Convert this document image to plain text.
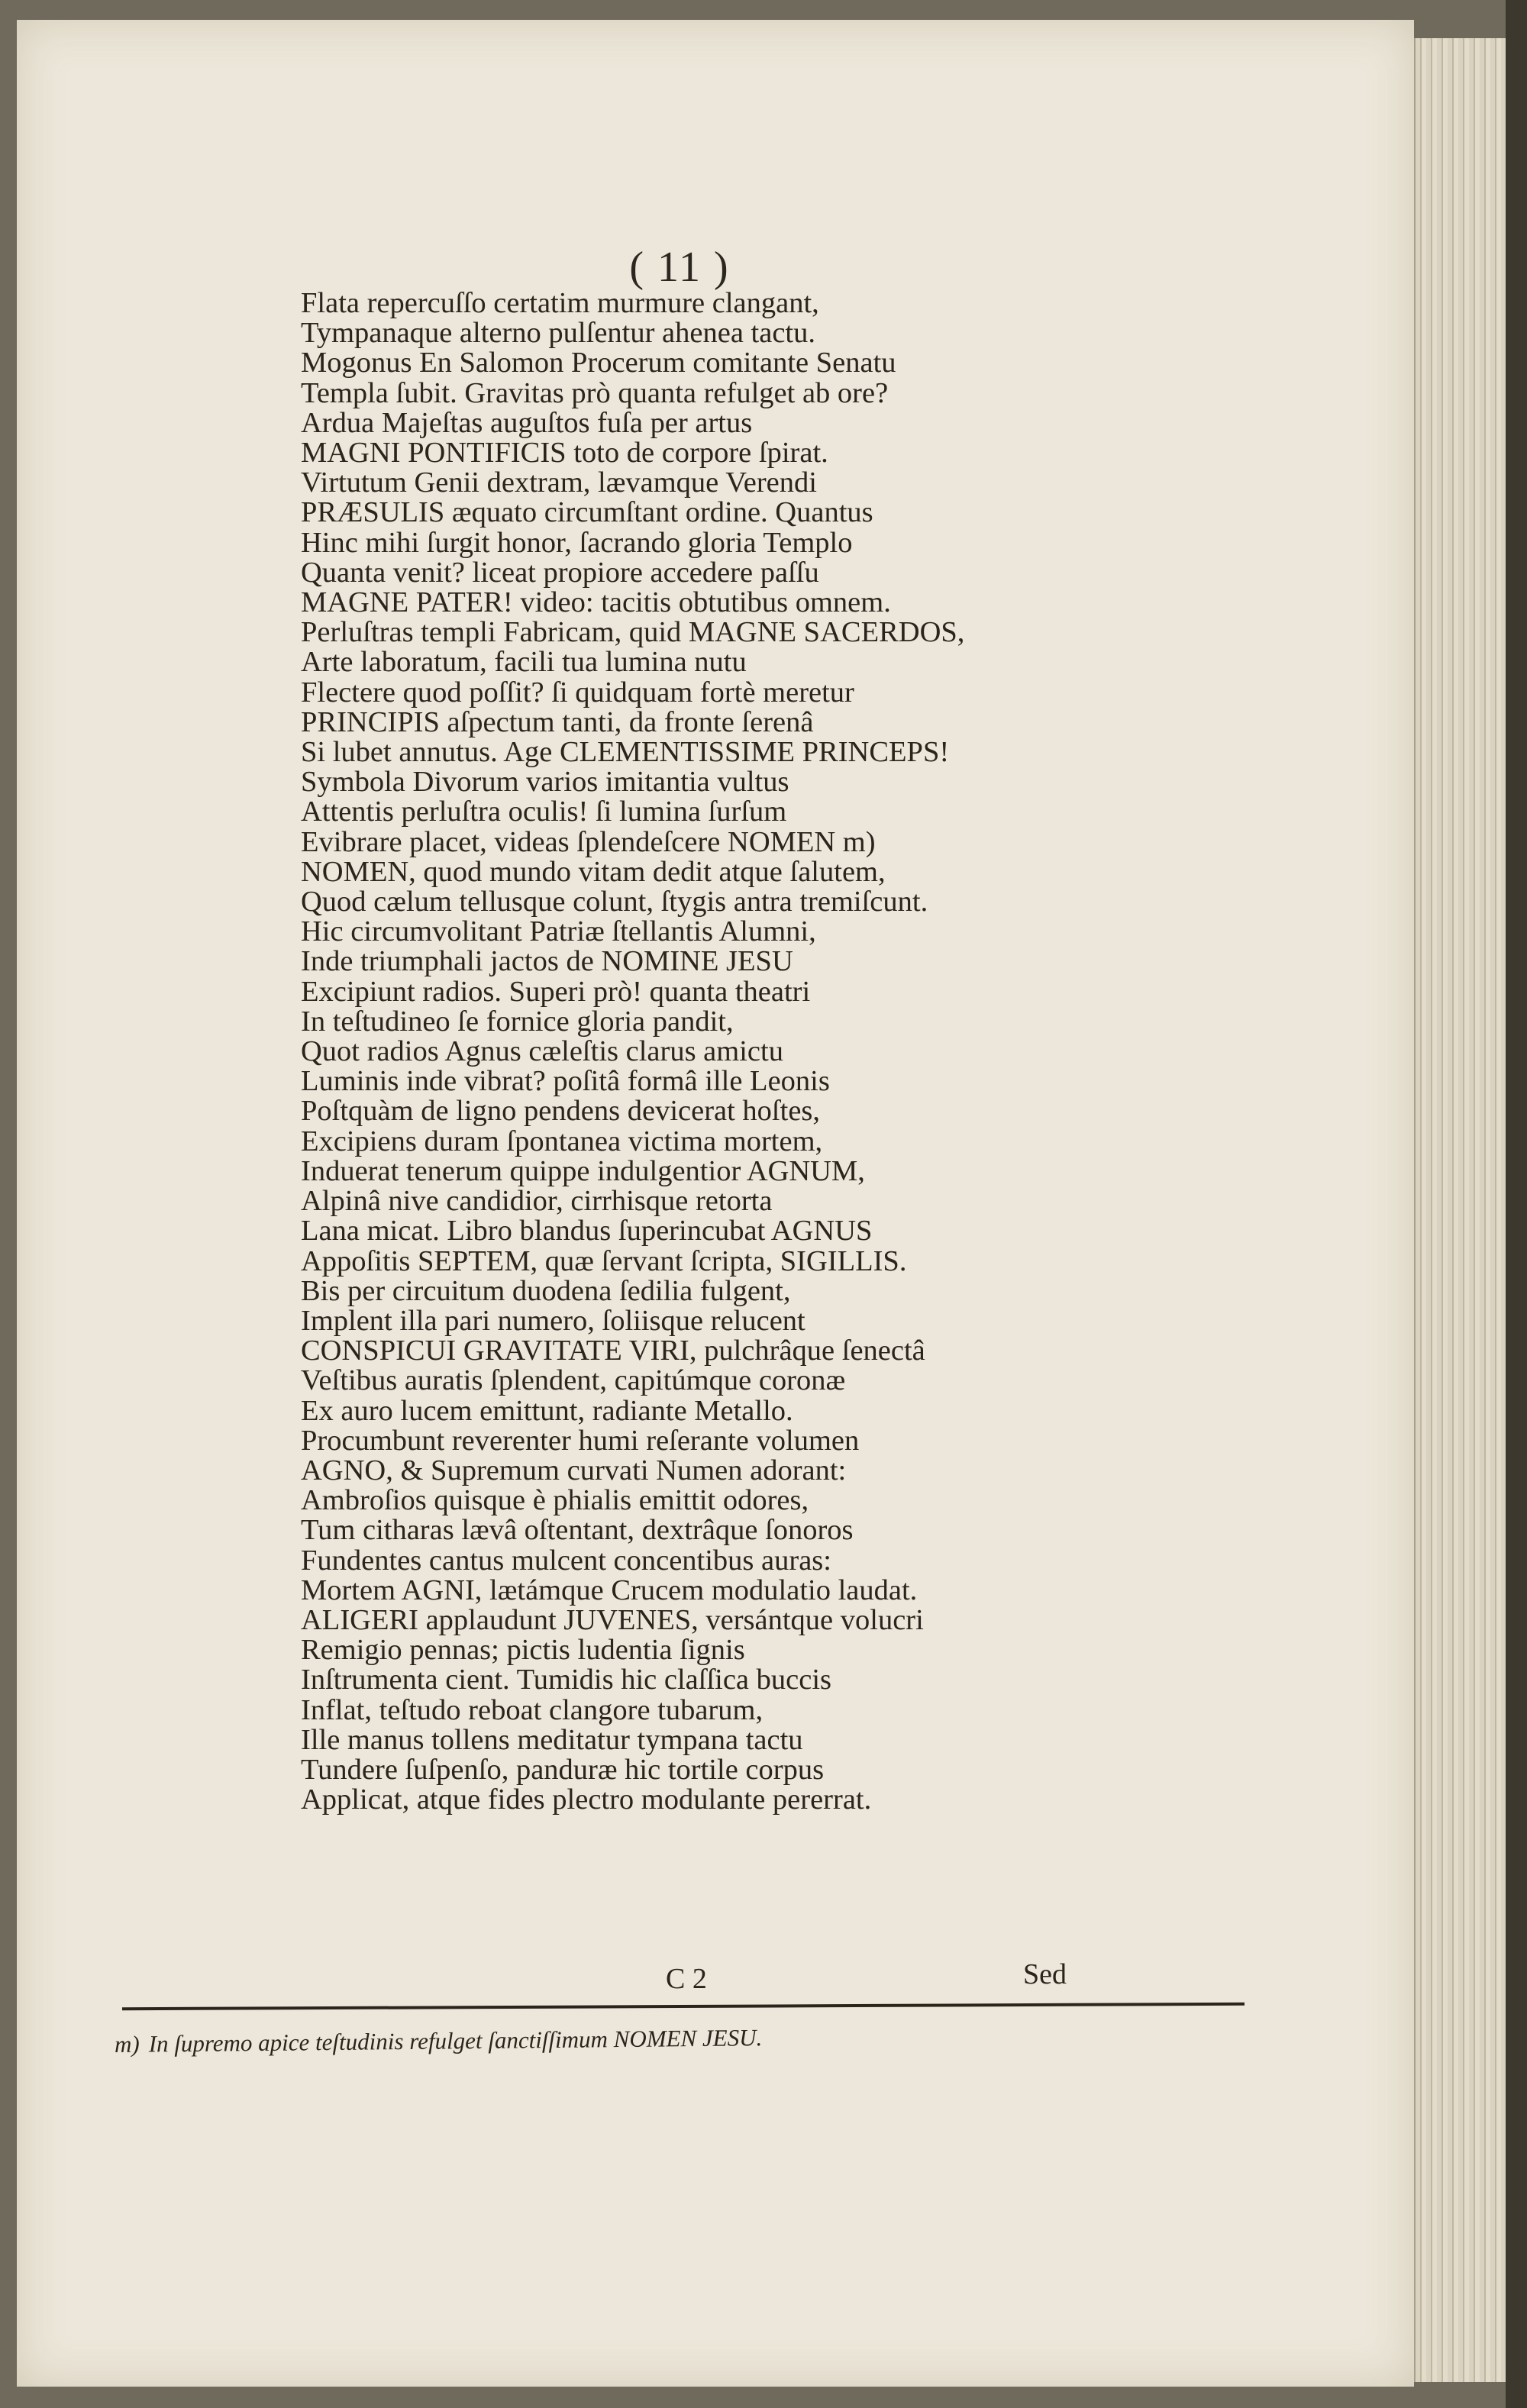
( 11 )
Flata repercuſſo certatim murmure clangant,
Tympanaque alterno pulſentur ahenea tactu.
Mogonus En Salomon Procerum comitante Senatu
Templa ſubit. Gravitas prò quanta refulget ab ore?
Ardua Majeſtas auguſtos fuſa per artus
MAGNI PONTIFICIS toto de corpore ſpirat.
Virtutum Genii dextram, lævamque Verendi
PRÆSULIS æquato circumſtant ordine. Quantus
Hinc mihi ſurgit honor, ſacrando gloria Templo
Quanta venit? liceat propiore accedere paſſu
MAGNE PATER! video: tacitis obtutibus omnem.
Perluſtras templi Fabricam, quid MAGNE SACERDOS,
Arte laboratum, facili tua lumina nutu
Flectere quod poſſit? ſi quidquam fortè meretur
PRINCIPIS aſpectum tanti, da fronte ſerenâ
Si lubet annutus. Age CLEMENTISSIME PRINCEPS!
Symbola Divorum varios imitantia vultus
Attentis perluſtra oculis! ſi lumina ſurſum
Evibrare placet, videas ſplendeſcere NOMEN m)
NOMEN, quod mundo vitam dedit atque ſalutem,
Quod cælum tellusque colunt, ſtygis antra tremiſcunt.
Hic circumvolitant Patriæ ſtellantis Alumni,
Inde triumphali jactos de NOMINE JESU
Excipiunt radios. Superi prò! quanta theatri
In teſtudineo ſe fornice gloria pandit,
Quot radios Agnus cæleſtis clarus amictu
Luminis inde vibrat? poſitâ formâ ille Leonis
Poſtquàm de ligno pendens devicerat hoſtes,
Excipiens duram ſpontanea victima mortem,
Induerat tenerum quippe indulgentior AGNUM,
Alpinâ nive candidior, cirrhisque retorta
Lana micat. Libro blandus ſuperincubat AGNUS
Appoſitis SEPTEM, quæ ſervant ſcripta, SIGILLIS.
Bis per circuitum duodena ſedilia fulgent,
Implent illa pari numero, ſoliisque relucent
CONSPICUI GRAVITATE VIRI, pulchrâque ſenectâ
Veſtibus auratis ſplendent, capitúmque coronæ
Ex auro lucem emittunt, radiante Metallo.
Procumbunt reverenter humi reſerante volumen
AGNO, & Supremum curvati Numen adorant:
Ambroſios quisque è phialis emittit odores,
Tum citharas lævâ oſtentant, dextrâque ſonoros
Fundentes cantus mulcent concentibus auras:
Mortem AGNI, lætámque Crucem modulatio laudat.
ALIGERI applaudunt JUVENES, versántque volucri
Remigio pennas; pictis ludentia ſignis
Inſtrumenta cient. Tumidis hic claſſica buccis
Inflat, teſtudo reboat clangore tubarum,
Ille manus tollens meditatur tympana tactu
Tundere ſuſpenſo, panduræ hic tortile corpus
Applicat, atque fides plectro modulante pererrat.
C 2	Sed
m) In ſupremo apice teſtudinis refulget ſanctiſſimum NOMEN JESU.
